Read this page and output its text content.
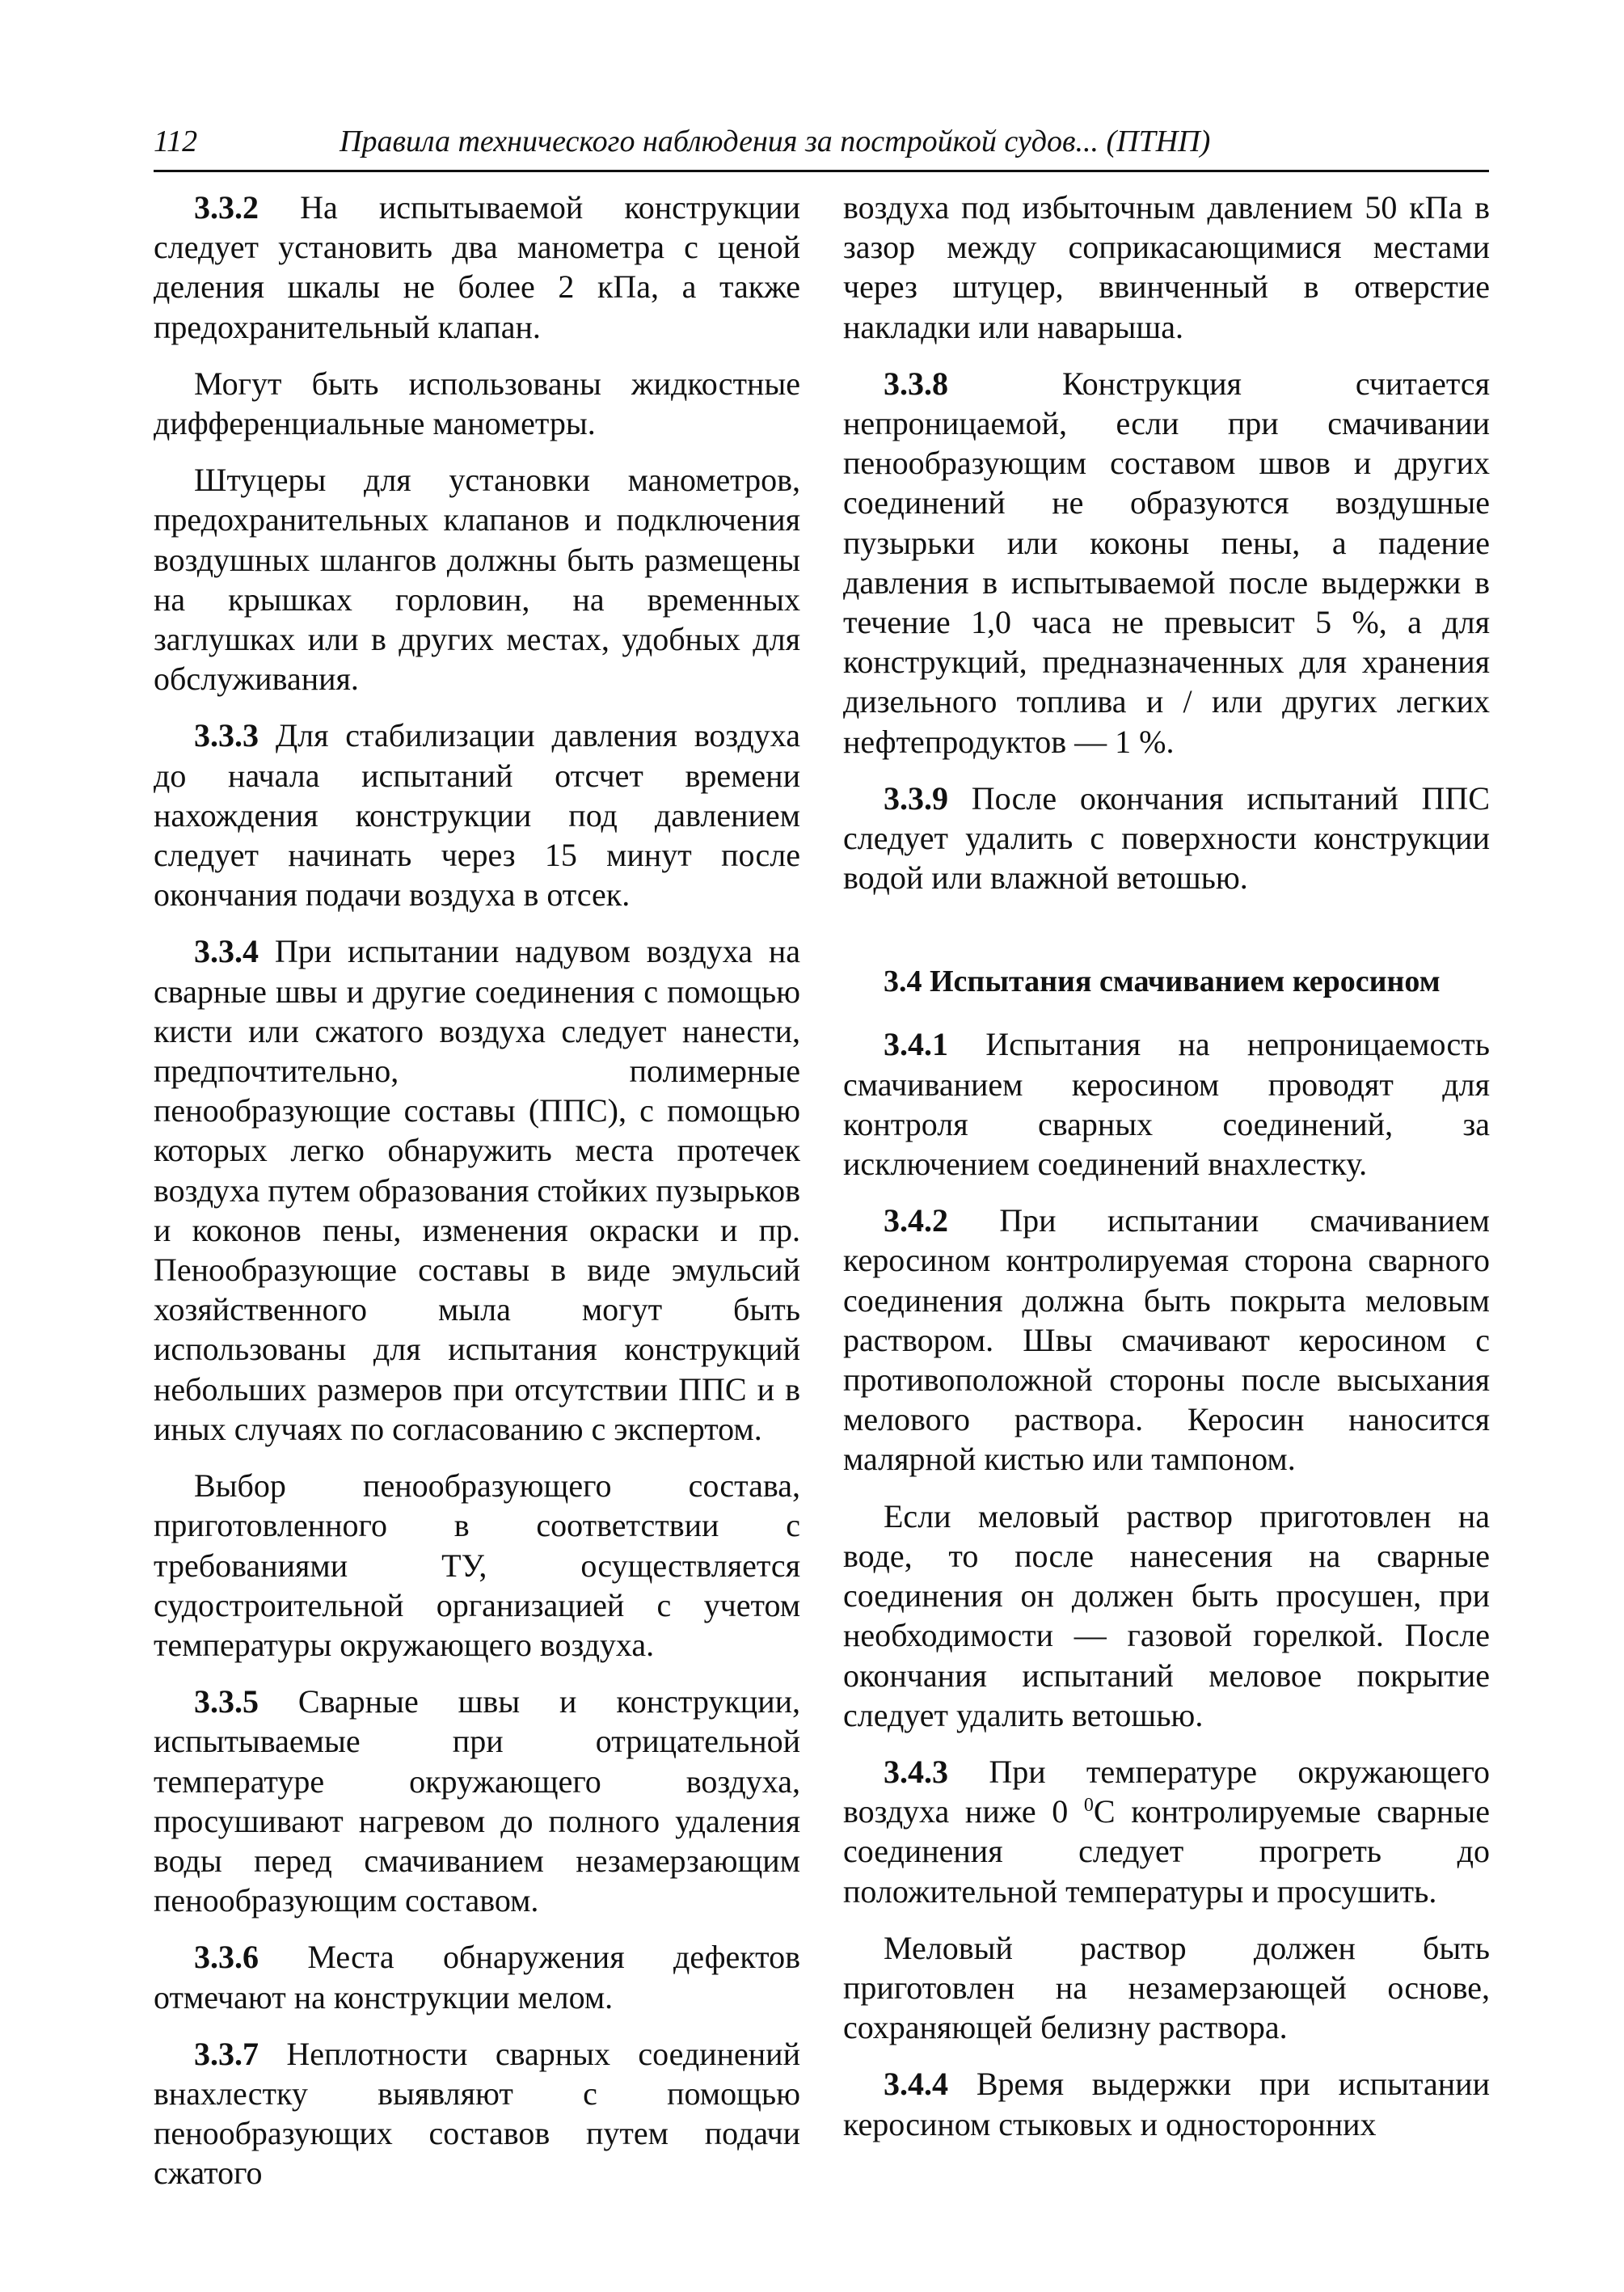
112	Правила технического наблюдения за постройкой судов... (ПТНП)

3.3.2 На испытываемой конструкции следует установить два манометра с ценой деления шкалы не более 2 кПа, а также предохранительный клапан.

Могут быть использованы жидкостные дифференциальные манометры.

Штуцеры для установки манометров, предохранительных клапанов и подключения воздушных шлангов должны быть размещены на крышках горловин, на временных заглушках или в других местах, удобных для обслуживания.

3.3.3 Для стабилизации давления воздуха до начала испытаний отсчет времени нахождения конструкции под давлением следует начинать через 15 минут после окончания подачи воздуха в отсек.

3.3.4 При испытании надувом воздуха на сварные швы и другие соединения с помощью кисти или сжатого воздуха следует нанести, предпочтительно, полимерные пенообразующие составы (ППС), с помощью которых легко обнаружить места протечек воздуха путем образования стойких пузырьков и коконов пены, изменения окраски и пр. Пенообразующие составы в виде эмульсий хозяйственного мыла могут быть использованы для испытания конструкций небольших размеров при отсутствии ППС и в иных случаях по согласованию с экспертом.

Выбор пенообразующего состава, приготовленного в соответствии с требованиями ТУ, осуществляется судостроительной организацией с учетом температуры окружающего воздуха.

3.3.5 Сварные швы и конструкции, испытываемые при отрицательной температуре окружающего воздуха, просушивают нагревом до полного удаления воды перед смачиванием незамерзающим пенообразующим составом.

3.3.6 Места обнаружения дефектов отмечают на конструкции мелом.

3.3.7 Неплотности сварных соединений внахлестку выявляют с помощью пенообразующих составов путем подачи сжатого

воздуха под избыточным давлением 50 кПа в зазор между соприкасающимися местами через штуцер, ввинченный в отверстие накладки или наварыша.

3.3.8 Конструкция считается непроницаемой, если при смачивании пенообразующим составом швов и других соединений не образуются воздушные пузырьки или коконы пены, а падение давления в испытываемой после выдержки в течение 1,0 часа не превысит 5 %, а для конструкций, предназначенных для хранения дизельного топлива и / или других легких нефтепродуктов — 1 %.

3.3.9 После окончания испытаний ППС следует удалить с поверхности конструкции водой или влажной ветошью.

3.4 Испытания смачиванием керосином

3.4.1 Испытания на непроницаемость смачиванием керосином проводят для контроля сварных соединений, за исключением соединений внахлестку.

3.4.2 При испытании смачиванием керосином контролируемая сторона сварного соединения должна быть покрыта меловым раствором. Швы смачивают керосином с противоположной стороны после высыхания мелового раствора. Керосин наносится малярной кистью или тампоном.

Если меловый раствор приготовлен на воде, то после нанесения на сварные соединения он должен быть просушен, при необходимости — газовой горелкой. После окончания испытаний меловое покрытие следует удалить ветошью.

3.4.3 При температуре окружающего воздуха ниже 0 $^0$С контролируемые сварные соединения следует прогреть до положительной температуры и просушить.

Меловый раствор должен быть приготовлен на незамерзающей основе, сохраняющей белизну раствора.

3.4.4 Время выдержки при испытании керосином стыковых и односторонних
